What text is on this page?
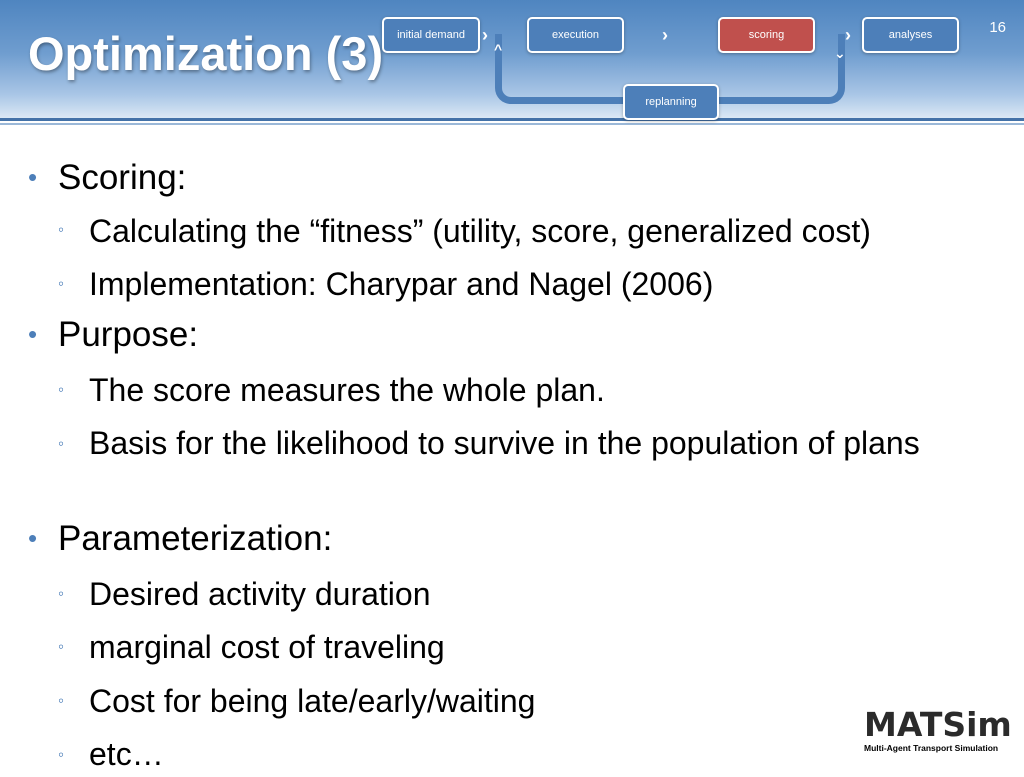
initial demand	execution	scoring	analyses
replanning
›	›	›
^	⌄
Optimization (3)	16
• Scoring:
◦ Calculating the “fitness” (utility, score, generalized cost)
◦ Implementation: Charypar and Nagel (2006)
• Purpose:
◦ The score measures the whole plan.
◦ Basis for the likelihood to survive in the population of plans
• Parameterization:
◦ Desired activity duration
◦ marginal cost of traveling
◦ Cost for being late/early/waiting
◦ etc…
MATSim
Multi-Agent Transport Simulation
